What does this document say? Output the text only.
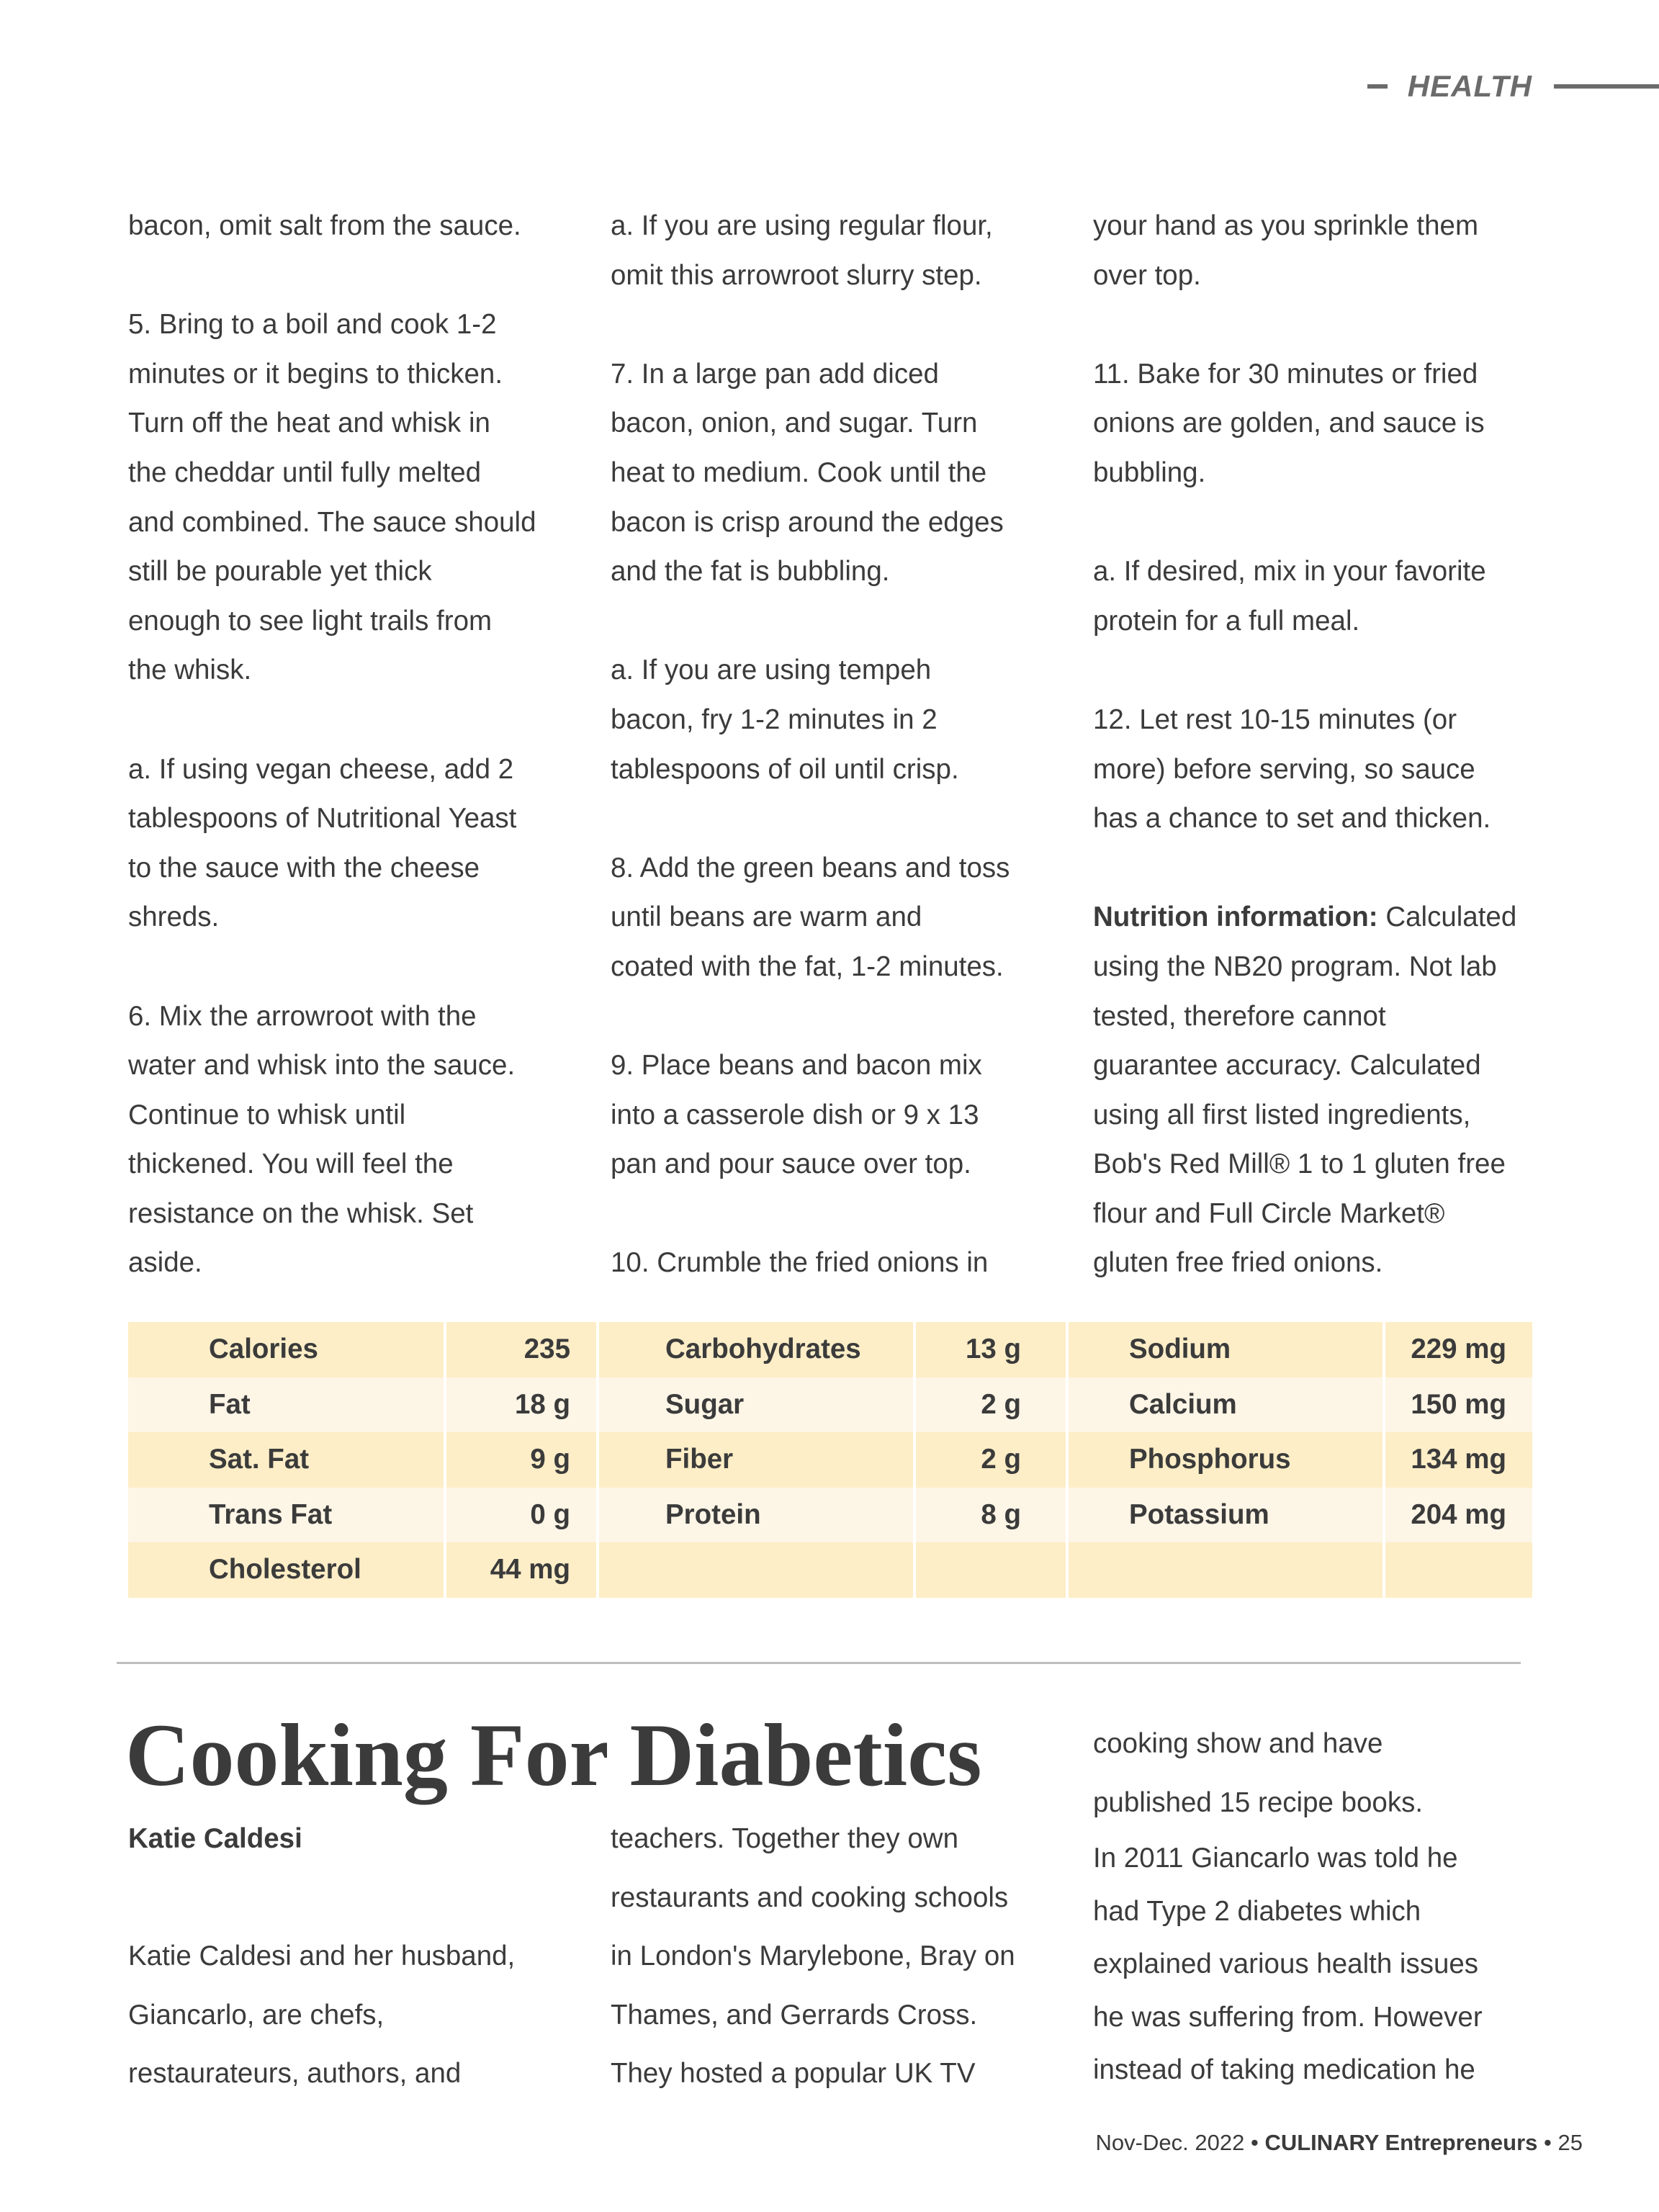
HEALTH

bacon, omit salt from the sauce.

5. Bring to a boil and cook 1-2
minutes or it begins to thicken.
Turn off the heat and whisk in
the cheddar until fully melted
and combined. The sauce should
still be pourable yet thick
enough to see light trails from
the whisk.

a. If using vegan cheese, add 2
tablespoons of Nutritional Yeast
to the sauce with the cheese
shreds.

6. Mix the arrowroot with the
water and whisk into the sauce.
Continue to whisk until
thickened. You will feel the
resistance on the whisk. Set
aside.

a. If you are using regular flour,
omit this arrowroot slurry step.

7. In a large pan add diced
bacon, onion, and sugar. Turn
heat to medium. Cook until the
bacon is crisp around the edges
and the fat is bubbling.

a. If you are using tempeh
bacon, fry 1-2 minutes in 2
tablespoons of oil until crisp.

8. Add the green beans and toss
until beans are warm and
coated with the fat, 1-2 minutes.

9. Place beans and bacon mix
into a casserole dish or 9 x 13
pan and pour sauce over top.

10. Crumble the fried onions in

your hand as you sprinkle them
over top.

11. Bake for 30 minutes or fried
onions are golden, and sauce is
bubbling.

a. If desired, mix in your favorite
protein for a full meal.

12. Let rest 10-15 minutes (or
more) before serving, so sauce
has a chance to set and thicken.

Nutrition information: Calculated
using the NB20 program. Not lab
tested, therefore cannot
guarantee accuracy. Calculated
using all first listed ingredients,
Bob's Red Mill® 1 to 1 gluten free
flour and Full Circle Market®
gluten free fried onions.

Calories	235	Carbohydrates	13 g	Sodium	229 mg
Fat	18 g	Sugar	2 g	Calcium	150 mg
Sat. Fat	9 g	Fiber	2 g	Phosphorus	134 mg
Trans Fat	0 g	Protein	8 g	Potassium	204 mg
Cholesterol	44 mg				
Cooking For Diabetics
Katie Caldesi

Katie Caldesi and her husband,
Giancarlo, are chefs,
restaurateurs, authors, and

teachers. Together they own
restaurants and cooking schools
in London's Marylebone, Bray on
Thames, and Gerrards Cross.
They hosted a popular UK TV

cooking show and have
published 15 recipe books.

In 2011 Giancarlo was told he
had Type 2 diabetes which
explained various health issues
he was suffering from. However
instead of taking medication he

Nov-Dec. 2022 • CULINARY Entrepreneurs • 25
